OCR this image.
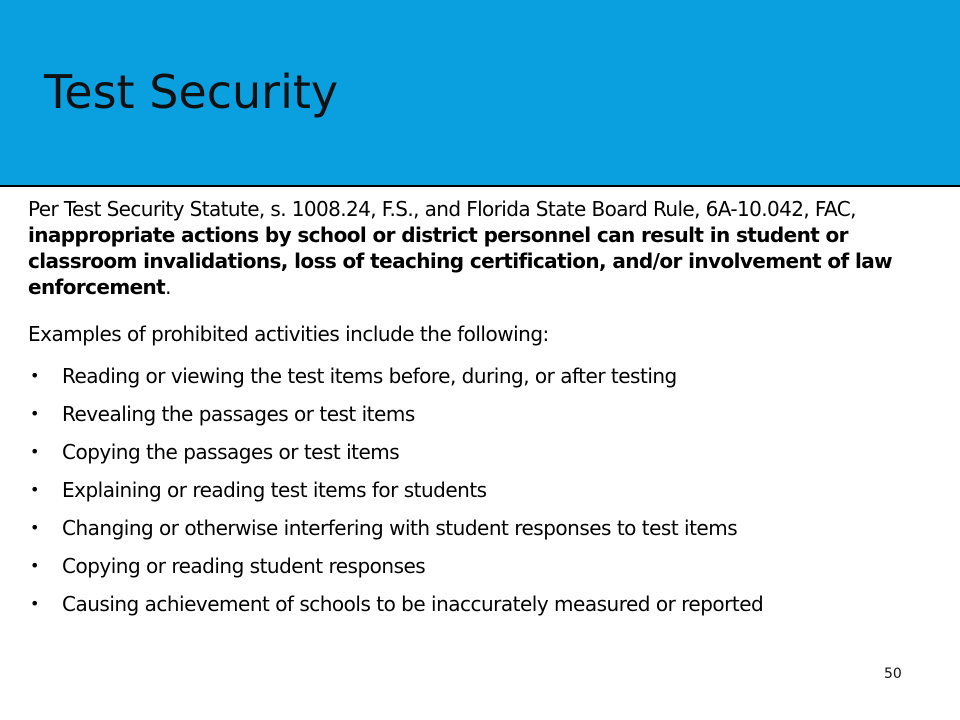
Test Security

Per Test Security Statute, s. 1008.24, F.S., and Florida State Board Rule, 6A-10.042, FAC, inappropriate actions by school or district personnel can result in student or classroom invalidations, loss of teaching certification, and/or involvement of law enforcement.

Examples of prohibited activities include the following:

• Reading or viewing the test items before, during, or after testing
• Revealing the passages or test items
• Copying the passages or test items
• Explaining or reading test items for students
• Changing or otherwise interfering with student responses to test items
• Copying or reading student responses
• Causing achievement of schools to be inaccurately measured or reported
50
